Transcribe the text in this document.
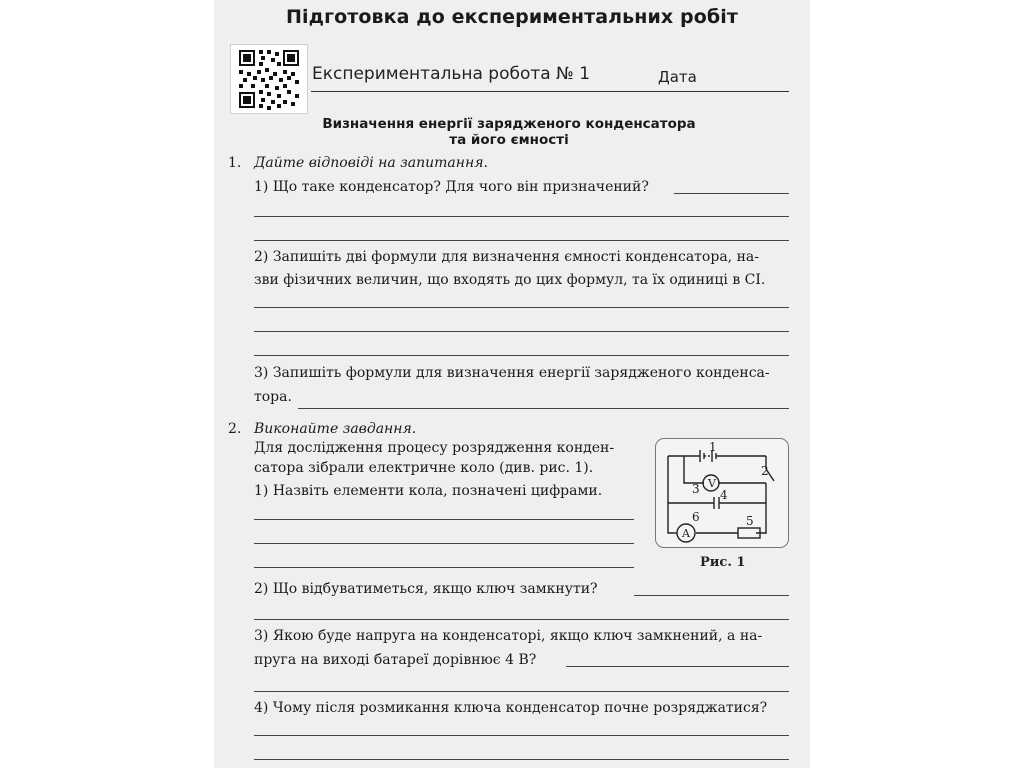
Підготовка до експериментальних робіт
Експериментальна робота № 1	Дата
Визначення енергії зарядженого конденсатора
та його ємності
1. Дайте відповіді на запитання.
1) Що таке конденсатор? Для чого він призначений?
2) Запишіть дві формули для визначення ємності конденсатора, на-
зви фізичних величин, що входять до цих формул, та їх одиниці в СІ.
3) Запишіть формули для визначення енергії зарядженого конденса-
тора.
2. Виконайте завдання.
Для дослідження процесу розрядження конден-
сатора зібрали електричне коло (див. рис. 1).
1) Назвіть елементи кола, позначені цифрами.	V
A
1
2
3 4
5
6
Рис. 1
2) Що відбуватиметься, якщо ключ замкнути?
3) Якою буде напруга на конденсаторі, якщо ключ замкнений, а на-
пруга на виході батареї дорівнює 4 В?
4) Чому після розмикання ключа конденсатор почне розряджатися?
